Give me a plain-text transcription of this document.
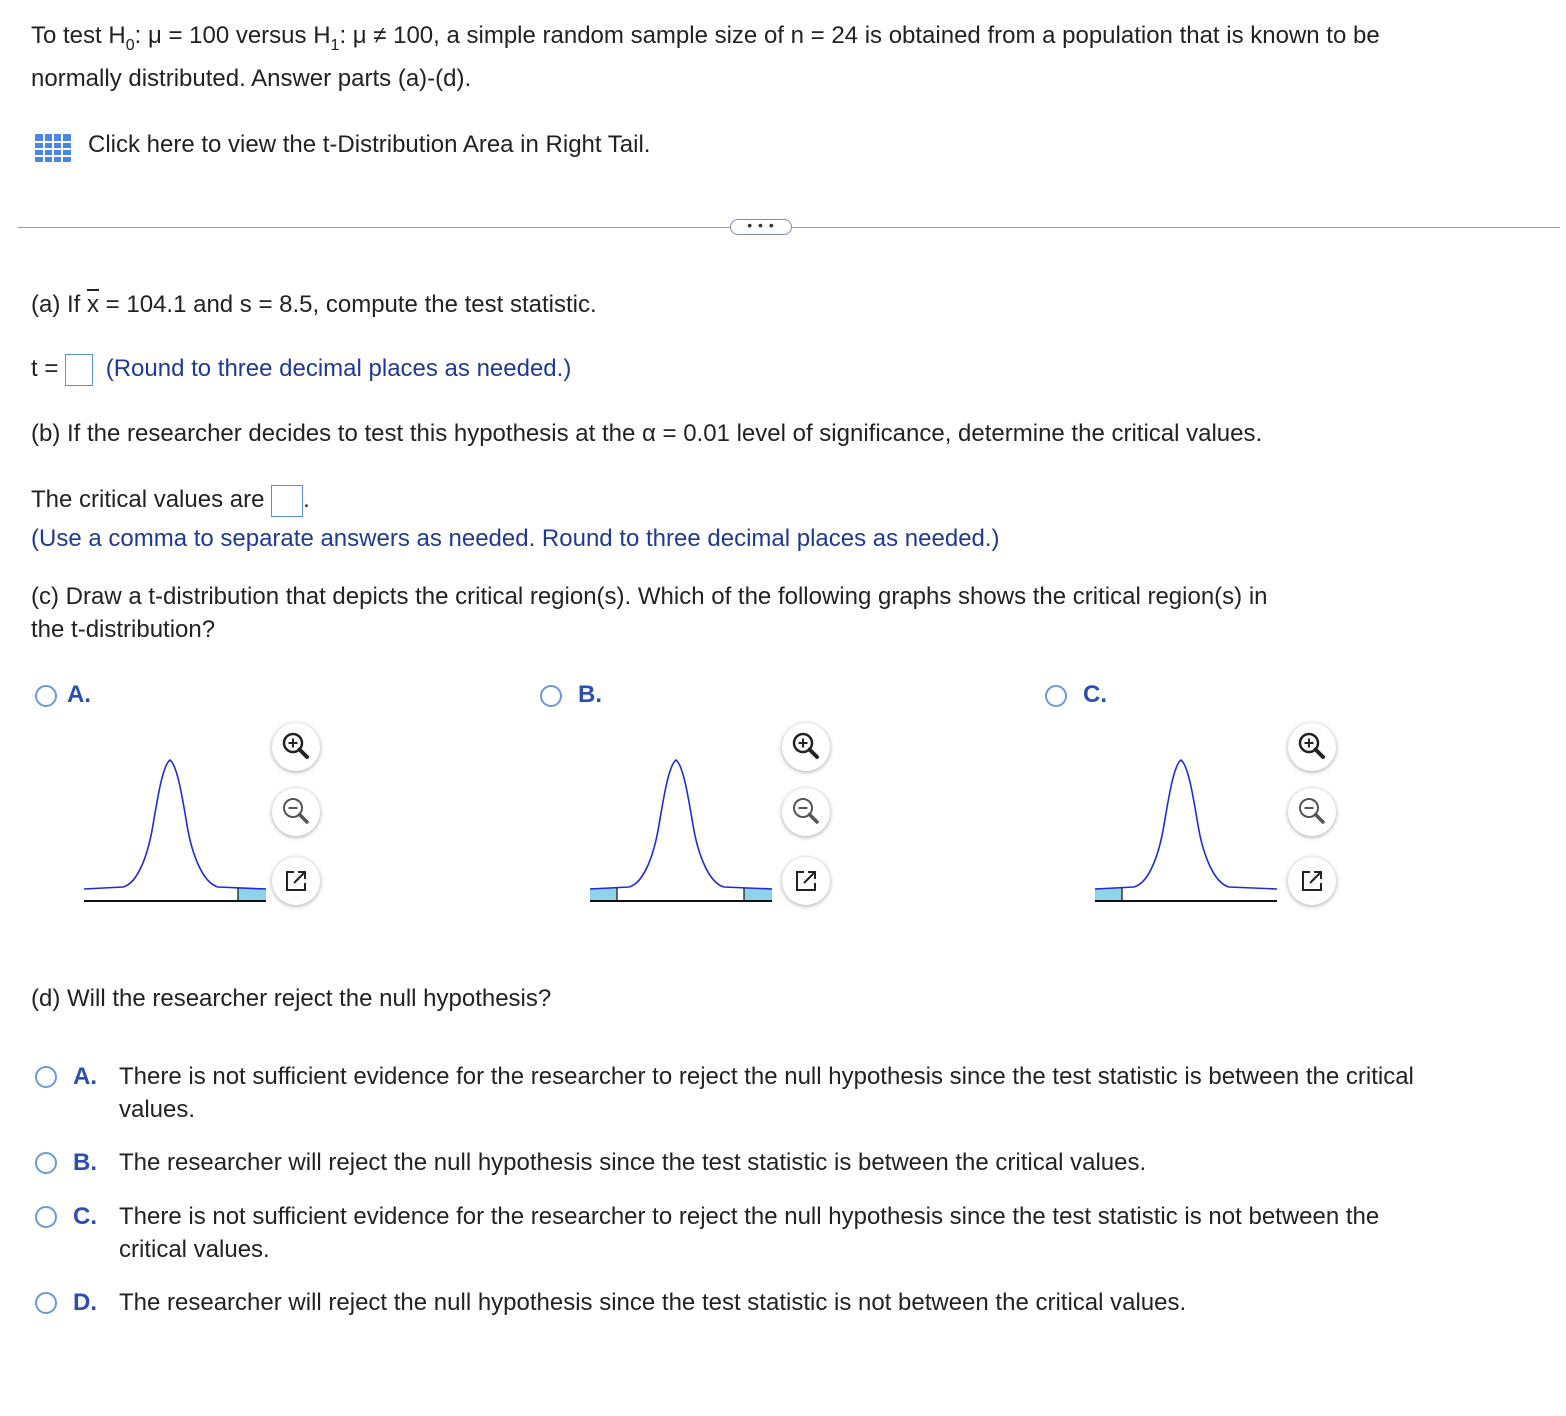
To test $H_0$: μ = 100 versus $H_1$: μ ≠ 100, a simple random sample size of n = 24 is obtained from a population that is known to be
normally distributed. Answer parts (a)-(d).
Click here to view the t-Distribution Area in Right Tail.
• • •
(a) If $\overline{x} = 104.1$ and s = 8.5, compute the test statistic.
t = (Round to three decimal places as needed.)
(b) If the researcher decides to test this hypothesis at the α = 0.01 level of significance, determine the critical values.
The critical values are .
(Use a comma to separate answers as needed. Round to three decimal places as needed.)
(c) Draw a t-distribution that depicts the critical region(s). Which of the following graphs shows the critical region(s) in
the t-distribution?
A.	B.	C.
(d) Will the researcher reject the null hypothesis?
A. There is not sufficient evidence for the researcher to reject the null hypothesis since the test statistic is between the critical
values.
B. The researcher will reject the null hypothesis since the test statistic is between the critical values.
C. There is not sufficient evidence for the researcher to reject the null hypothesis since the test statistic is not between the
critical values.
D. The researcher will reject the null hypothesis since the test statistic is not between the critical values.
